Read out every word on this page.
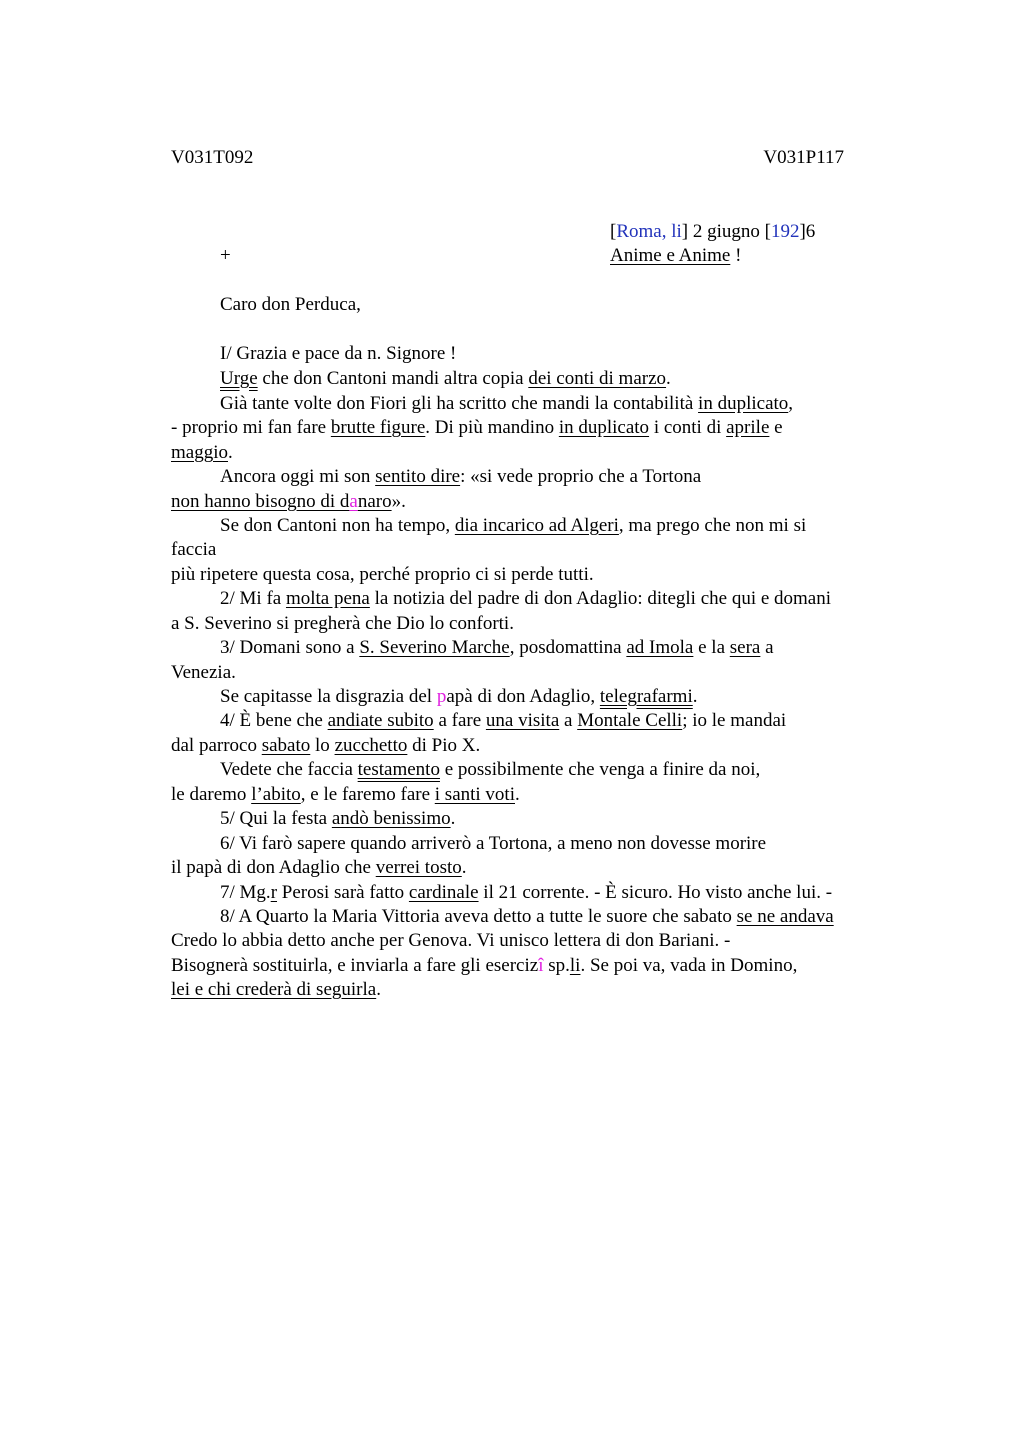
V031T092	V031P117
[Roma, li] 2 giugno [192]6
+	Anime e Anime !
Caro don Perduca,
I/ Grazia e pace da n. Signore !
Urge che don Cantoni mandi altra copia dei conti di marzo.
Già tante volte don Fiori gli ha scritto che mandi la contabilità in duplicato,
- proprio mi fan fare brutte figure. Di più mandino in duplicato i conti di aprile e
maggio.
Ancora oggi mi son sentito dire: «si vede proprio che a Tortona
non hanno bisogno di danaro».
Se don Cantoni non ha tempo, dia incarico ad Algeri, ma prego che non mi si
faccia
più ripetere questa cosa, perché proprio ci si perde tutti.
2/ Mi fa molta pena la notizia del padre di don Adaglio: ditegli che qui e domani
a S. Severino si pregherà che Dio lo conforti.
3/ Domani sono a S. Severino Marche, posdomattina ad Imola e la sera a
Venezia.
Se capitasse la disgrazia del papà di don Adaglio, telegrafarmi.
4/ È bene che andiate subito a fare una visita a Montale Celli; io le mandai
dal parroco sabato lo zucchetto di Pio X.
Vedete che faccia testamento e possibilmente che venga a finire da noi,
le daremo l’abito, e le faremo fare i santi voti.
5/ Qui la festa andò benissimo.
6/ Vi farò sapere quando arriverò a Tortona, a meno non dovesse morire
il papà di don Adaglio che verrei tosto.
7/ Mg.r Perosi sarà fatto cardinale il 21 corrente. - È sicuro. Ho visto anche lui. -
8/ A Quarto la Maria Vittoria aveva detto a tutte le suore che sabato se ne andava
Credo lo abbia detto anche per Genova. Vi unisco lettera di don Bariani. -
Bisognerà sostituirla, e inviarla a fare gli esercizî sp.li. Se poi va, vada in Domino,
lei e chi crederà di seguirla.
